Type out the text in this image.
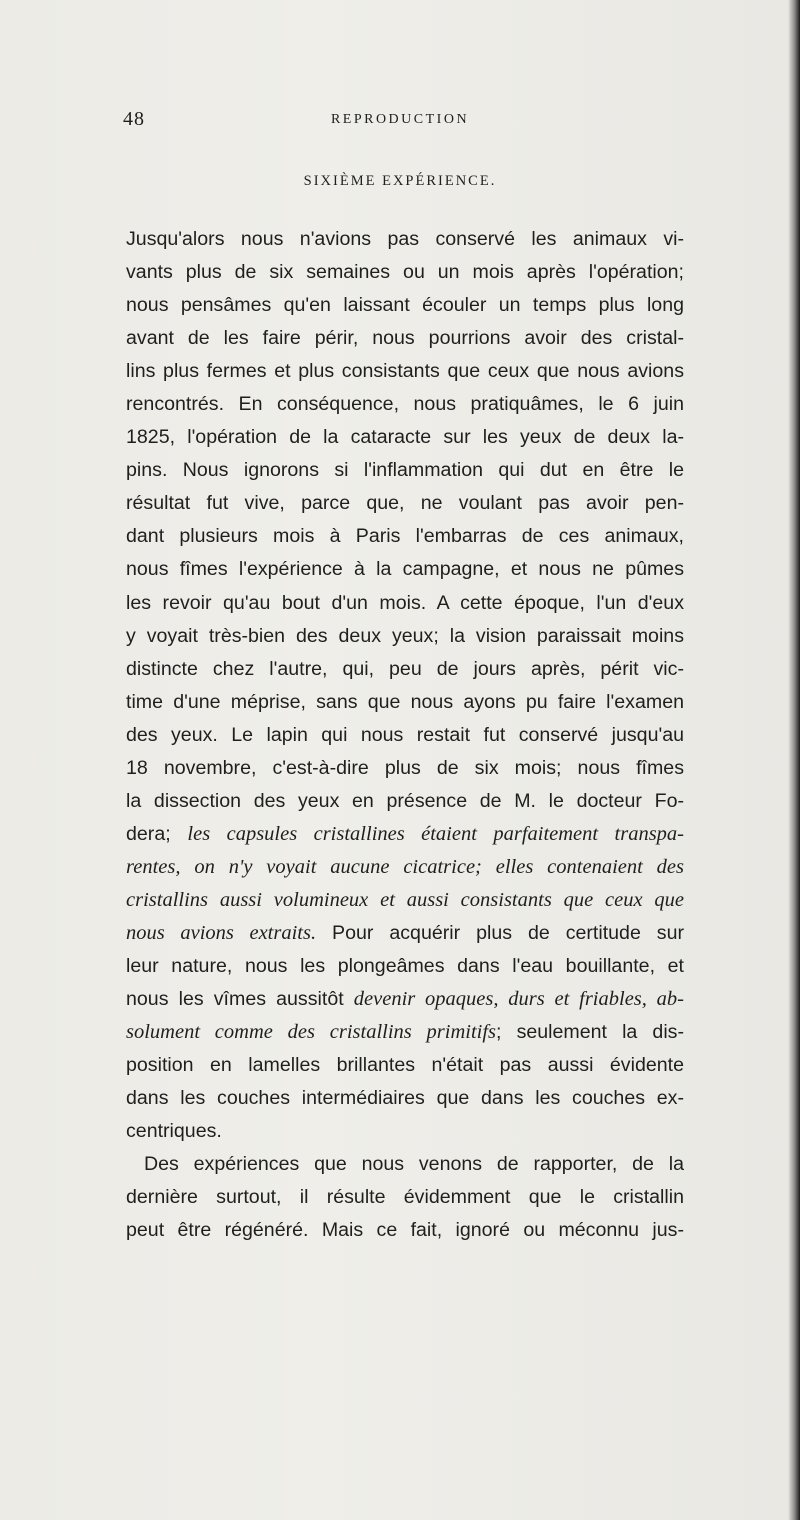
48	REPRODUCTION
SIXIÈME EXPÉRIENCE.
Jusqu'alors nous n'avions pas conservé les animaux vi-
vants plus de six semaines ou un mois après l'opération;
nous pensâmes qu'en laissant écouler un temps plus long
avant de les faire périr, nous pourrions avoir des cristal-
lins plus fermes et plus consistants que ceux que nous avions
rencontrés. En conséquence, nous pratiquâmes, le 6 juin
1825, l'opération de la cataracte sur les yeux de deux la-
pins. Nous ignorons si l'inflammation qui dut en être le
résultat fut vive, parce que, ne voulant pas avoir pen-
dant plusieurs mois à Paris l'embarras de ces animaux,
nous fîmes l'expérience à la campagne, et nous ne pûmes
les revoir qu'au bout d'un mois. A cette époque, l'un d'eux
y voyait très-bien des deux yeux; la vision paraissait moins
distincte chez l'autre, qui, peu de jours après, périt vic-
time d'une méprise, sans que nous ayons pu faire l'examen
des yeux. Le lapin qui nous restait fut conservé jusqu'au
18 novembre, c'est-à-dire plus de six mois; nous fîmes
la dissection des yeux en présence de M. le docteur Fo-
dera; les capsules cristallines étaient parfaitement transpa-
rentes, on n'y voyait aucune cicatrice; elles contenaient des
cristallins aussi volumineux et aussi consistants que ceux que
nous avions extraits. Pour acquérir plus de certitude sur
leur nature, nous les plongeâmes dans l'eau bouillante, et
nous les vîmes aussitôt devenir opaques, durs et friables, ab-
solument comme des cristallins primitifs; seulement la dis-
position en lamelles brillantes n'était pas aussi évidente
dans les couches intermédiaires que dans les couches ex-
centriques.
Des expériences que nous venons de rapporter, de la
dernière surtout, il résulte évidemment que le cristallin
peut être régénéré. Mais ce fait, ignoré ou méconnu jus-
